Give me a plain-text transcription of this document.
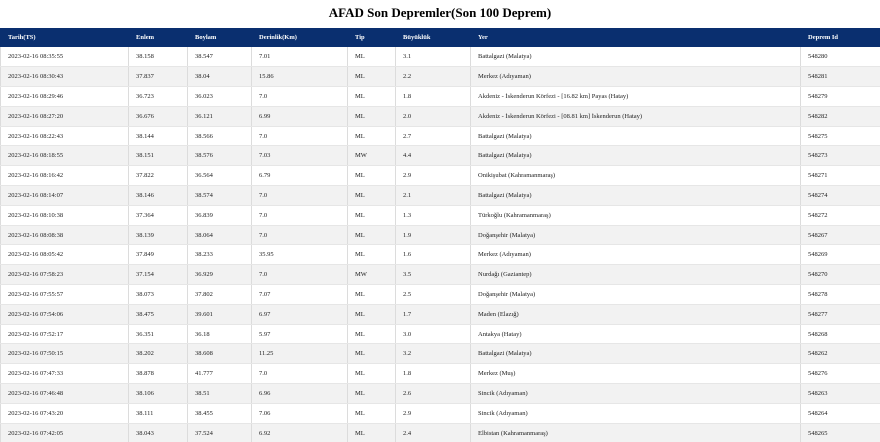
AFAD Son Depremler(Son 100 Deprem)
Tarih(TS)	Enlem	Boylam	Derinlik(Km)	Tip	Büyüklük	Yer	Deprem Id
2023-02-16 08:35:55	38.158	38.547	7.01	ML	3.1	Battalgazi (Malatya)	548280
2023-02-16 08:30:43	37.837	38.04	15.86	ML	2.2	Merkez (Adıyaman)	548281
2023-02-16 08:29:46	36.723	36.023	7.0	ML	1.8	Akdeniz - İskenderun Körfezi - [16.82 km] Payas (Hatay)	548279
2023-02-16 08:27:20	36.676	36.121	6.99	ML	2.0	Akdeniz - İskenderun Körfezi - [08.81 km] İskenderun (Hatay)	548282
2023-02-16 08:22:43	38.144	38.566	7.0	ML	2.7	Battalgazi (Malatya)	548275
2023-02-16 08:18:55	38.151	38.576	7.03	MW	4.4	Battalgazi (Malatya)	548273
2023-02-16 08:16:42	37.822	36.564	6.79	ML	2.9	Onikişubat (Kahramanmaraş)	548271
2023-02-16 08:14:07	38.146	38.574	7.0	ML	2.1	Battalgazi (Malatya)	548274
2023-02-16 08:10:38	37.364	36.839	7.0	ML	1.3	Türkoğlu (Kahramanmaraş)	548272
2023-02-16 08:08:38	38.139	38.064	7.0	ML	1.9	Doğanşehir (Malatya)	548267
2023-02-16 08:05:42	37.849	38.233	35.95	ML	1.6	Merkez (Adıyaman)	548269
2023-02-16 07:58:23	37.154	36.929	7.0	MW	3.5	Nurdağı (Gaziantep)	548270
2023-02-16 07:55:57	38.073	37.802	7.07	ML	2.5	Doğanşehir (Malatya)	548278
2023-02-16 07:54:06	38.475	39.601	6.97	ML	1.7	Maden (Elazığ)	548277
2023-02-16 07:52:17	36.351	36.18	5.97	ML	3.0	Antakya (Hatay)	548268
2023-02-16 07:50:15	38.202	38.608	11.25	ML	3.2	Battalgazi (Malatya)	548262
2023-02-16 07:47:33	38.878	41.777	7.0	ML	1.8	Merkez (Muş)	548276
2023-02-16 07:46:48	38.106	38.51	6.96	ML	2.6	Sincik (Adıyaman)	548263
2023-02-16 07:43:20	38.111	38.455	7.06	ML	2.9	Sincik (Adıyaman)	548264
2023-02-16 07:42:05	38.043	37.524	6.92	ML	2.4	Elbistan (Kahramanmaraş)	548265
